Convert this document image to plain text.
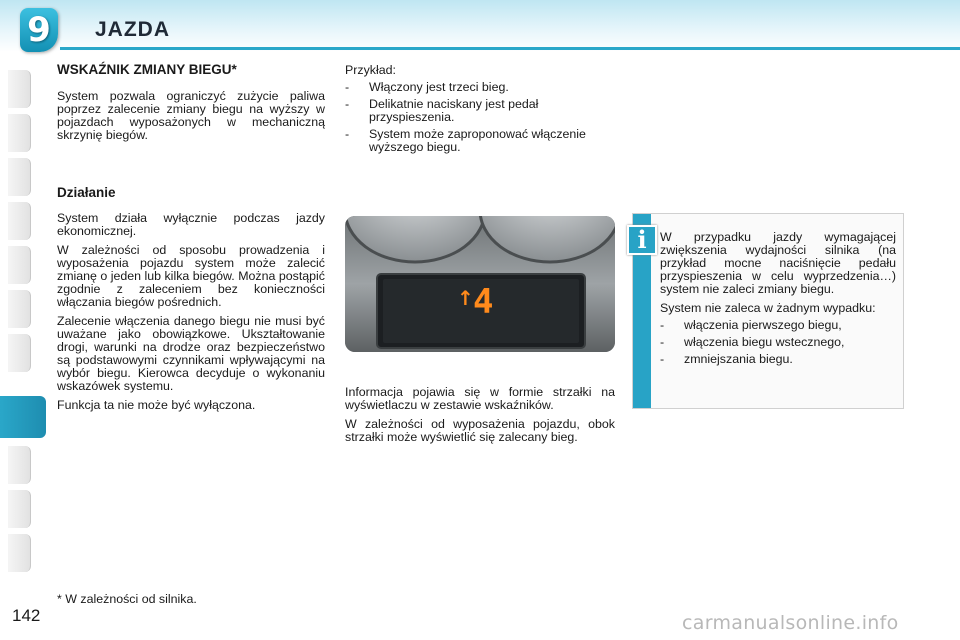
9	JAZDA
WSKAŹNIK ZMIANY BIEGU*

System pozwala ograniczyć zużycie paliwa poprzez zalecenie zmiany biegu na wyższy w pojazdach wyposażonych w mechaniczną skrzynię biegów.

Działanie

System działa wyłącznie podczas jazdy ekonomicznej.

W zależności od sposobu prowadzenia i wyposażenia pojazdu system może zalecić zmianę o jeden lub kilka biegów. Można postąpić zgodnie z zaleceniem bez konieczności włączania biegów pośrednich.

Zalecenie włączenia danego biegu nie musi być uważane jako obowiązkowe. Ukształtowanie drogi, warunki na drodze oraz bezpieczeństwo są podstawowymi czynnikami wpływającymi na wybór biegu. Kierowca decyduje o wykonaniu wskazówek systemu.

Funkcja ta nie może być wyłączona.

Przykład:

- Włączony jest trzeci bieg.
- Delikatnie naciskany jest pedał przyspieszenia.
- System może zaproponować włączenie wyższego biegu.
↑ 4

Informacja pojawia się w formie strzałki na wyświetlaczu w zestawie wskaźników.

W zależności od wyposażenia pojazdu, obok strzałki może wyświetlić się zalecany bieg.

i	W przypadku jazdy wymagającej zwiększenia wydajności silnika (na przykład mocne naciśnięcie pedału przyspieszenia w celu wyprzedzenia…) system nie zaleci zmiany biegu.

System nie zaleca w żadnym wypadku:

- włączenia pierwszego biegu,
- włączenia biegu wstecznego,
- zmniejszania biegu.
* W zależności od silnika.
142	carmanualsonline.info
